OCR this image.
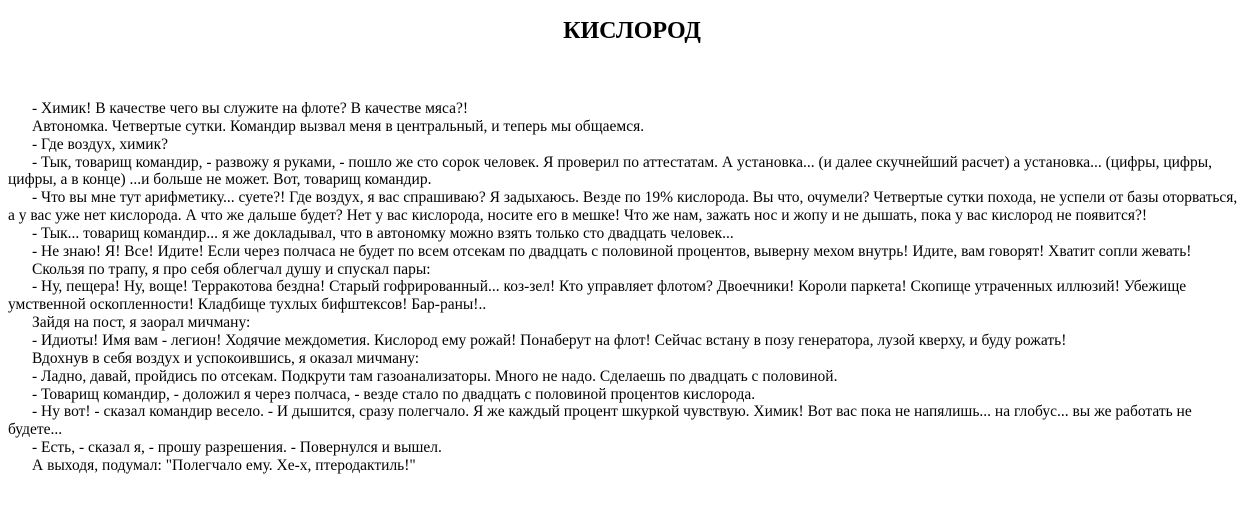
КИСЛОРОД

- Химик! В качестве чего вы служите на флоте? В качестве мяса?!

Автономка. Четвертые сутки. Командир вызвал меня в центральный, и теперь мы общаемся.

- Где воздух, химик?

- Тык, товарищ командир, - развожу я руками, - пошло же сто сорок человек. Я проверил по аттестатам. А установка... (и далее скучнейший расчет) а установка... (цифры, цифры, цифры, а в конце) ...и больше не может. Вот, товарищ командир.

- Что вы мне тут арифметику... суете?! Где воздух, я вас спрашиваю? Я задыхаюсь. Везде по 19% кислорода. Вы что, очумели? Четвертые сутки похода, не успели от базы оторваться, а у вас уже нет кислорода. А что же дальше будет? Нет у вас кислорода, носите его в мешке! Что же нам, зажать нос и жопу и не дышать, пока у вас кислород не появится?!

- Тык... товарищ командир... я же докладывал, что в автономку можно взять только сто двадцать человек...

- Не знаю! Я! Все! Идите! Если через полчаса не будет по всем отсекам по двадцать с половиной процентов, выверну мехом внутрь! Идите, вам говорят! Хватит сопли жевать!

Скользя по трапу, я про себя облегчал душу и спускал пары:

- Ну, пещера! Ну, воще! Терракотова бездна! Старый гофрированный... коз-зел! Кто управляет флотом? Двоечники! Короли паркета! Скопище утраченных иллюзий! Убежище умственной оскопленности! Кладбище тухлых бифштексов! Бар-раны!..

Зайдя на пост, я заорал мичману:

- Идиоты! Имя вам - легион! Ходячие междометия. Кислород ему рожай! Понаберут на флот! Сейчас встану в позу генератора, лузой кверху, и буду рожать!

Вдохнув в себя воздух и успокоившись, я оказал мичману:

- Ладно, давай, пройдись по отсекам. Подкрути там газоанализаторы. Много не надо. Сделаешь по двадцать с половиной.

- Товарищ командир, - доложил я через полчаса, - везде стало по двадцать с половиной процентов кислорода.

- Ну вот! - сказал командир весело. - И дышится, сразу полегчало. Я же каждый процент шкуркой чувствую. Химик! Вот вас пока не напялишь... на глобус... вы же работать не будете...

- Есть, - сказал я, - прошу разрешения. - Повернулся и вышел.

А выходя, подумал: "Полегчало ему. Хе-х, птеродактиль!"
